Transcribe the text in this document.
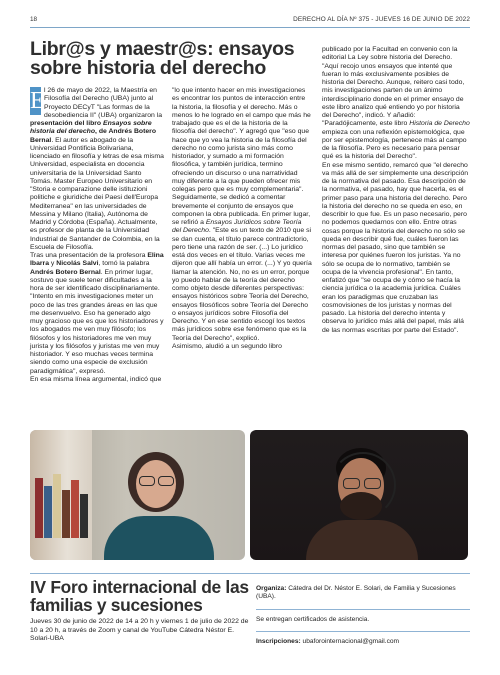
18	DERECHO AL DÍA Nº 375 - JUEVES 16 DE JUNIO DE 2022
Libr@s y maestr@s: ensayos sobre historia del derecho
E l 26 de mayo de 2022, la Maestría en Filosofía del Derecho (UBA) junto al Proyecto DECyT "Las formas de la desobediencia II" (UBA) organizaron la presentación del libro Ensayos sobre historia del derecho, de Andrés Botero Bernal. El autor es abogado de la Universidad Pontificia Bolivariana, licenciado en filosofía y letras de esa misma Universidad, especialista en docencia universitaria de la Universidad Santo Tomás. Master Europeo Universitario en "Storia e comparazione delle istituzioni politiche e giuridiche dei Paesi dell'Europa Mediterranea" en las universidades de Messina y Milano (Italia), Autónoma de Madrid y Córdoba (España). Actualmente, es profesor de planta de la Universidad Industrial de Santander de Colombia, en la Escuela de Filosofía.

Tras una presentación de la profesora Elina Ibarra y Nicolás Salvi, tomó la palabra Andrés Botero Bernal. En primer lugar, sostuvo que suele tener dificultades a la hora de ser identificado disciplinariamente. "Intento en mis investigaciones meter un poco de las tres grandes áreas en las que me desenvuelvo. Eso ha generado algo muy gracioso que es que los historiadores y los abogados me ven muy filósofo; los filósofos y los historiadores me ven muy jurista y los filósofos y juristas me ven muy historiador. Y eso muchas veces termina siendo como una especie de exclusión paradigmática", expresó.

En esa misma línea argumental, indicó que

"lo que intento hacer en mis investigaciones es encontrar los puntos de interacción entre la historia, la filosofía y el derecho. Más o menos lo he logrado en el campo que más he trabajado que es el de la historia de la filosofía del derecho". Y agregó que "eso que hace que yo vea la historia de la filosofía del derecho no como jurista sino más como historiador, y sumado a mi formación filosófica, y también jurídica, termino ofreciendo un discurso o una narratividad muy diferente a la que pueden ofrecer mis colegas pero que es muy complementaria".

Seguidamente, se dedicó a comentar brevemente el conjunto de ensayos que componen la obra publicada. En primer lugar, se refirió a Ensayos Jurídicos sobre Teoría del Derecho. "Este es un texto de 2010 que si se dan cuenta, el título parece contradictorio, pero tiene una razón de ser. (...) Lo jurídico está dos veces en el título. Varias veces me dijeron que allí había un error. (...) Y yo quería llamar la atención. No, no es un error, porque yo puedo hablar de la teoría del derecho como objeto desde diferentes perspectivas: ensayos históricos sobre Teoría del Derecho, ensayos filosóficos sobre Teoría del Derecho o ensayos jurídicos sobre Filosofía del Derecho. Y en ese sentido escogí los textos más jurídicos sobre ese fenómeno que es la Teoría del Derecho", explicó.

Asimismo, aludió a un segundo libro

publicado por la Facultad en convenio con la editorial La Ley sobre historia del Derecho. "Aquí recojo unos ensayos que intenté que fueran lo más exclusivamente posibles de historia del Derecho. Aunque, reitero casi todo, mis investigaciones parten de un ánimo interdisciplinario donde en el primer ensayo de este libro analizo qué entiendo yo por historia del Derecho", indicó. Y añadió: "Paradójicamente, este libro Historia de Derecho empieza con una reflexión epistemológica, que por ser epistemología, pertenece más al campo de la filosofía. Pero es necesario para pensar qué es la historia del Derecho".

En ese mismo sentido, remarcó que "el derecho va más allá de ser simplemente una descripción de la normativa del pasado. Esa descripción de la normativa, el pasado, hay que hacerla, es el primer paso para una historia del derecho. Pero la historia del derecho no se queda en eso, en describir lo que fue. Es un paso necesario, pero no podemos quedarnos con ello. Entre otras cosas porque la historia del derecho no sólo se queda en describir qué fue, cuáles fueron las normas del pasado, sino que también se interesa por quiénes fueron los juristas. Ya no sólo se ocupa de lo normativo, también se ocupa de la vivencia profesional". En tanto, enfatizó que "se ocupa de y cómo se hacía la ciencia jurídica o la academia jurídica. Cuáles eran los paradigmas que cruzaban las cosmovisiones de los juristas y normas del pasado. La historia del derecho intenta y observa lo jurídico más allá del papel, más allá de las normas escritas por parte del Estado".

IV Foro internacional de las familias y sucesiones
Jueves 30 de junio de 2022 de 14 a 20 h y viernes 1 de julio de 2022 de 10 a 20 h, a través de Zoom y canal de YouTube Cátedra Néstor E. Solari-UBA
Organiza: Cátedra del Dr. Néstor E. Solari, de Familia y Sucesiones (UBA).
Se entregan certificados de asistencia.
Inscripciones: ubaforointernacional@gmail.com
